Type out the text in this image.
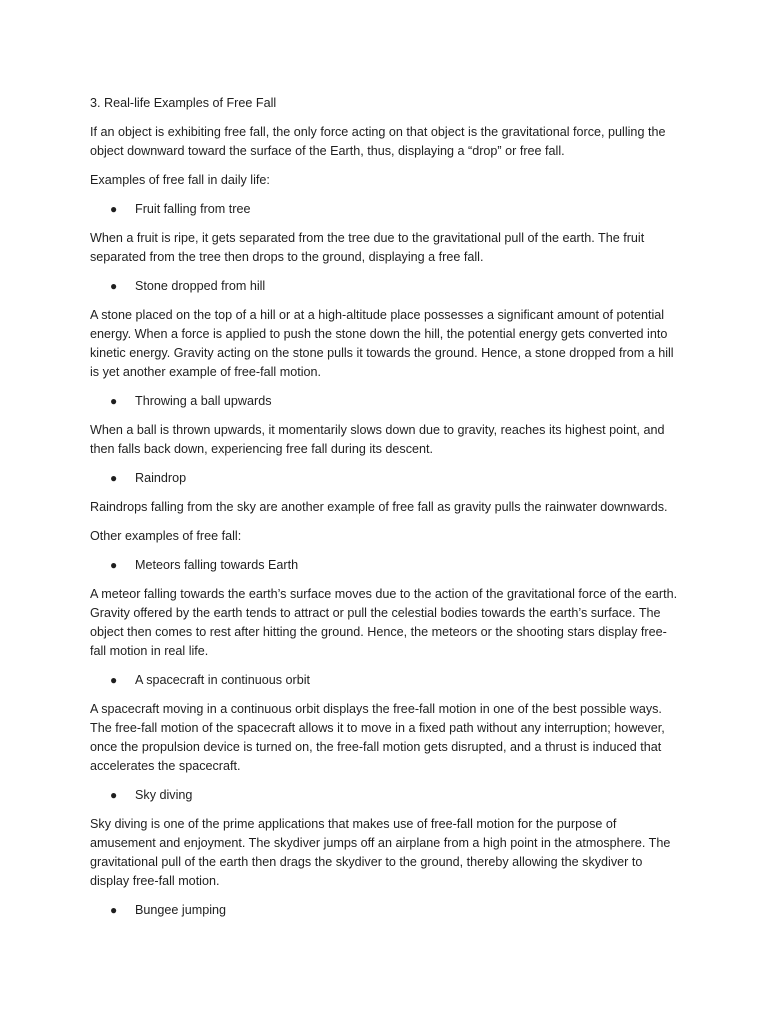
3. Real-life Examples of Free Fall

If an object is exhibiting free fall, the only force acting on that object is the gravitational force, pulling the object downward toward the surface of the Earth, thus, displaying a “drop” or free fall.

Examples of free fall in daily life:

● Fruit falling from tree

When a fruit is ripe, it gets separated from the tree due to the gravitational pull of the earth. The fruit separated from the tree then drops to the ground, displaying a free fall.

● Stone dropped from hill

A stone placed on the top of a hill or at a high-altitude place possesses a significant amount of potential energy. When a force is applied to push the stone down the hill, the potential energy gets converted into kinetic energy. Gravity acting on the stone pulls it towards the ground. Hence, a stone dropped from a hill is yet another example of free-fall motion.

● Throwing a ball upwards

When a ball is thrown upwards, it momentarily slows down due to gravity, reaches its highest point, and then falls back down, experiencing free fall during its descent.

● Raindrop

Raindrops falling from the sky are another example of free fall as gravity pulls the rainwater downwards.

Other examples of free fall:

● Meteors falling towards Earth

A meteor falling towards the earth’s surface moves due to the action of the gravitational force of the earth. Gravity offered by the earth tends to attract or pull the celestial bodies towards the earth’s surface. The object then comes to rest after hitting the ground. Hence, the meteors or the shooting stars display free-fall motion in real life.

● A spacecraft in continuous orbit

A spacecraft moving in a continuous orbit displays the free-fall motion in one of the best possible ways. The free-fall motion of the spacecraft allows it to move in a fixed path without any interruption; however, once the propulsion device is turned on, the free-fall motion gets disrupted, and a thrust is induced that accelerates the spacecraft.

● Sky diving

Sky diving is one of the prime applications that makes use of free-fall motion for the purpose of amusement and enjoyment. The skydiver jumps off an airplane from a high point in the atmosphere. The gravitational pull of the earth then drags the skydiver to the ground, thereby allowing the skydiver to display free-fall motion.

● Bungee jumping
